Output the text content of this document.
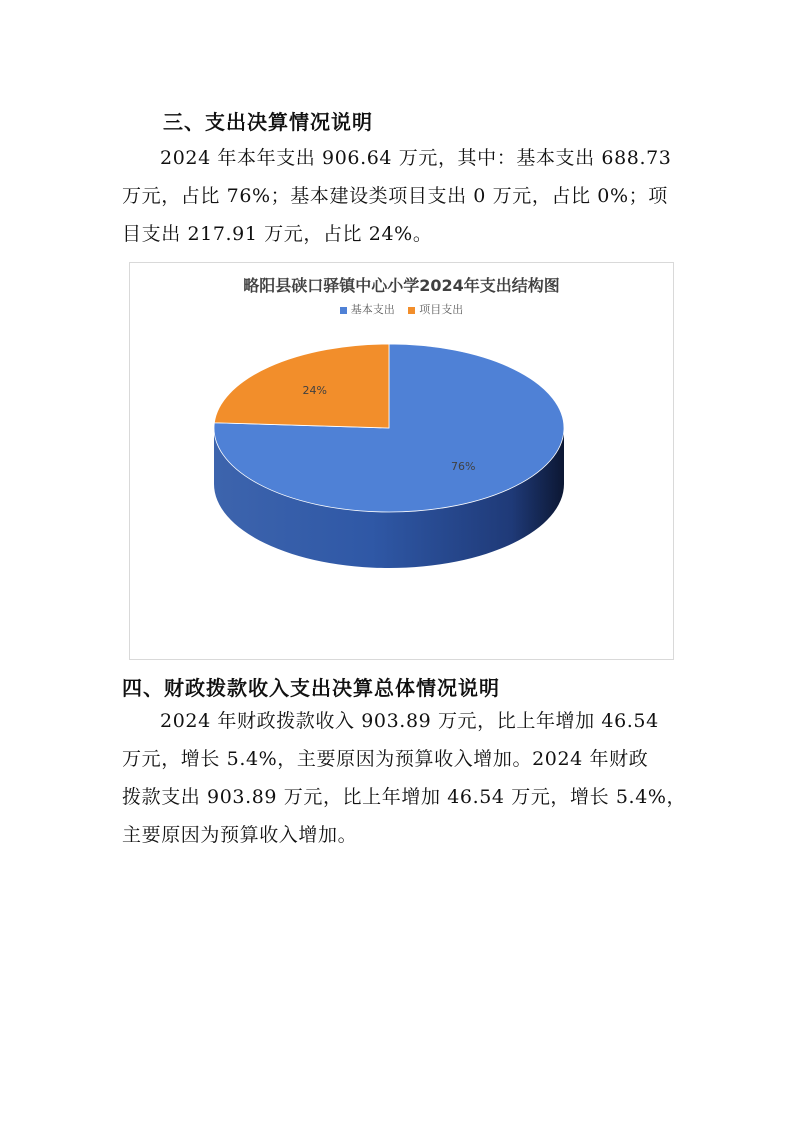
三、支出决算情况说明
2024 年本年支出 906.64 万元，其中：基本支出 688.73
万元，占比 76%；基本建设类项目支出 0 万元，占比 0%；项
目支出 217.91 万元，占比 24%。
76%
24%
略阳县硖口驿镇中心小学2024年支出结构图
基本支出 项目支出
四、财政拨款收入支出决算总体情况说明
2024 年财政拨款收入 903.89 万元，比上年增加 46.54
万元，增长 5.4%，主要原因为预算收入增加。2024 年财政
拨款支出 903.89 万元，比上年增加 46.54 万元，增长 5.4%，
主要原因为预算收入增加。
